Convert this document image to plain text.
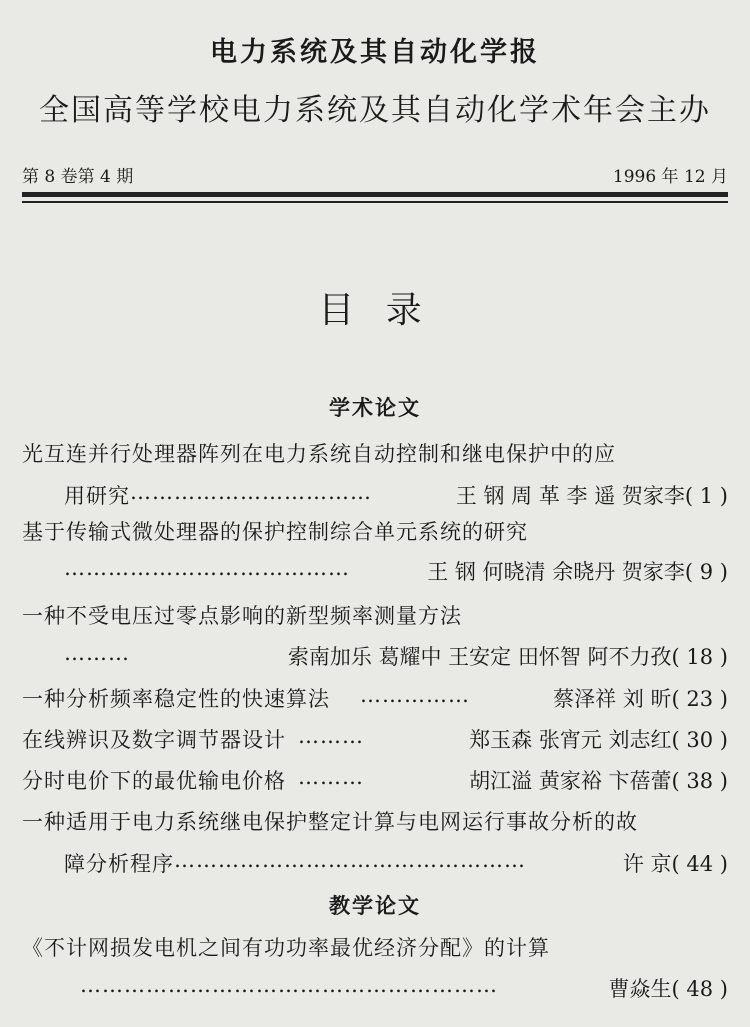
电力系统及其自动化学报
全国高等学校电力系统及其自动化学术年会主办
第 8 卷第 4 期	1996 年 12 月
目 录
学术论文
光互连并行处理器阵列在电力系统自动控制和继电保护中的应
用研究 ……………………………	王 钢 周 革 李 遥 贺家李( 1 )
基于传输式微处理器的保护控制综合单元系统的研究
…………………………………	王 钢 何晓清 余晓丹 贺家李( 9 )
一种不受电压过零点影响的新型频率测量方法
………	索南加乐 葛耀中 王安定 田怀智 阿不力孜( 18 )
一种分析频率稳定性的快速算法 ……………	蔡泽祥 刘 昕( 23 )
在线辨识及数字调节器设计 ………	郑玉森 张宵元 刘志红( 30 )
分时电价下的最优输电价格 ………	胡江溢 黄家裕 卞蓓蕾( 38 )
一种适用于电力系统继电保护整定计算与电网运行事故分析的故
障分析程序 …………………………………………	许 京( 44 )
教学论文
《不计网损发电机之间有功功率最优经济分配》的计算
…………………………………………………	曹焱生( 48 )
